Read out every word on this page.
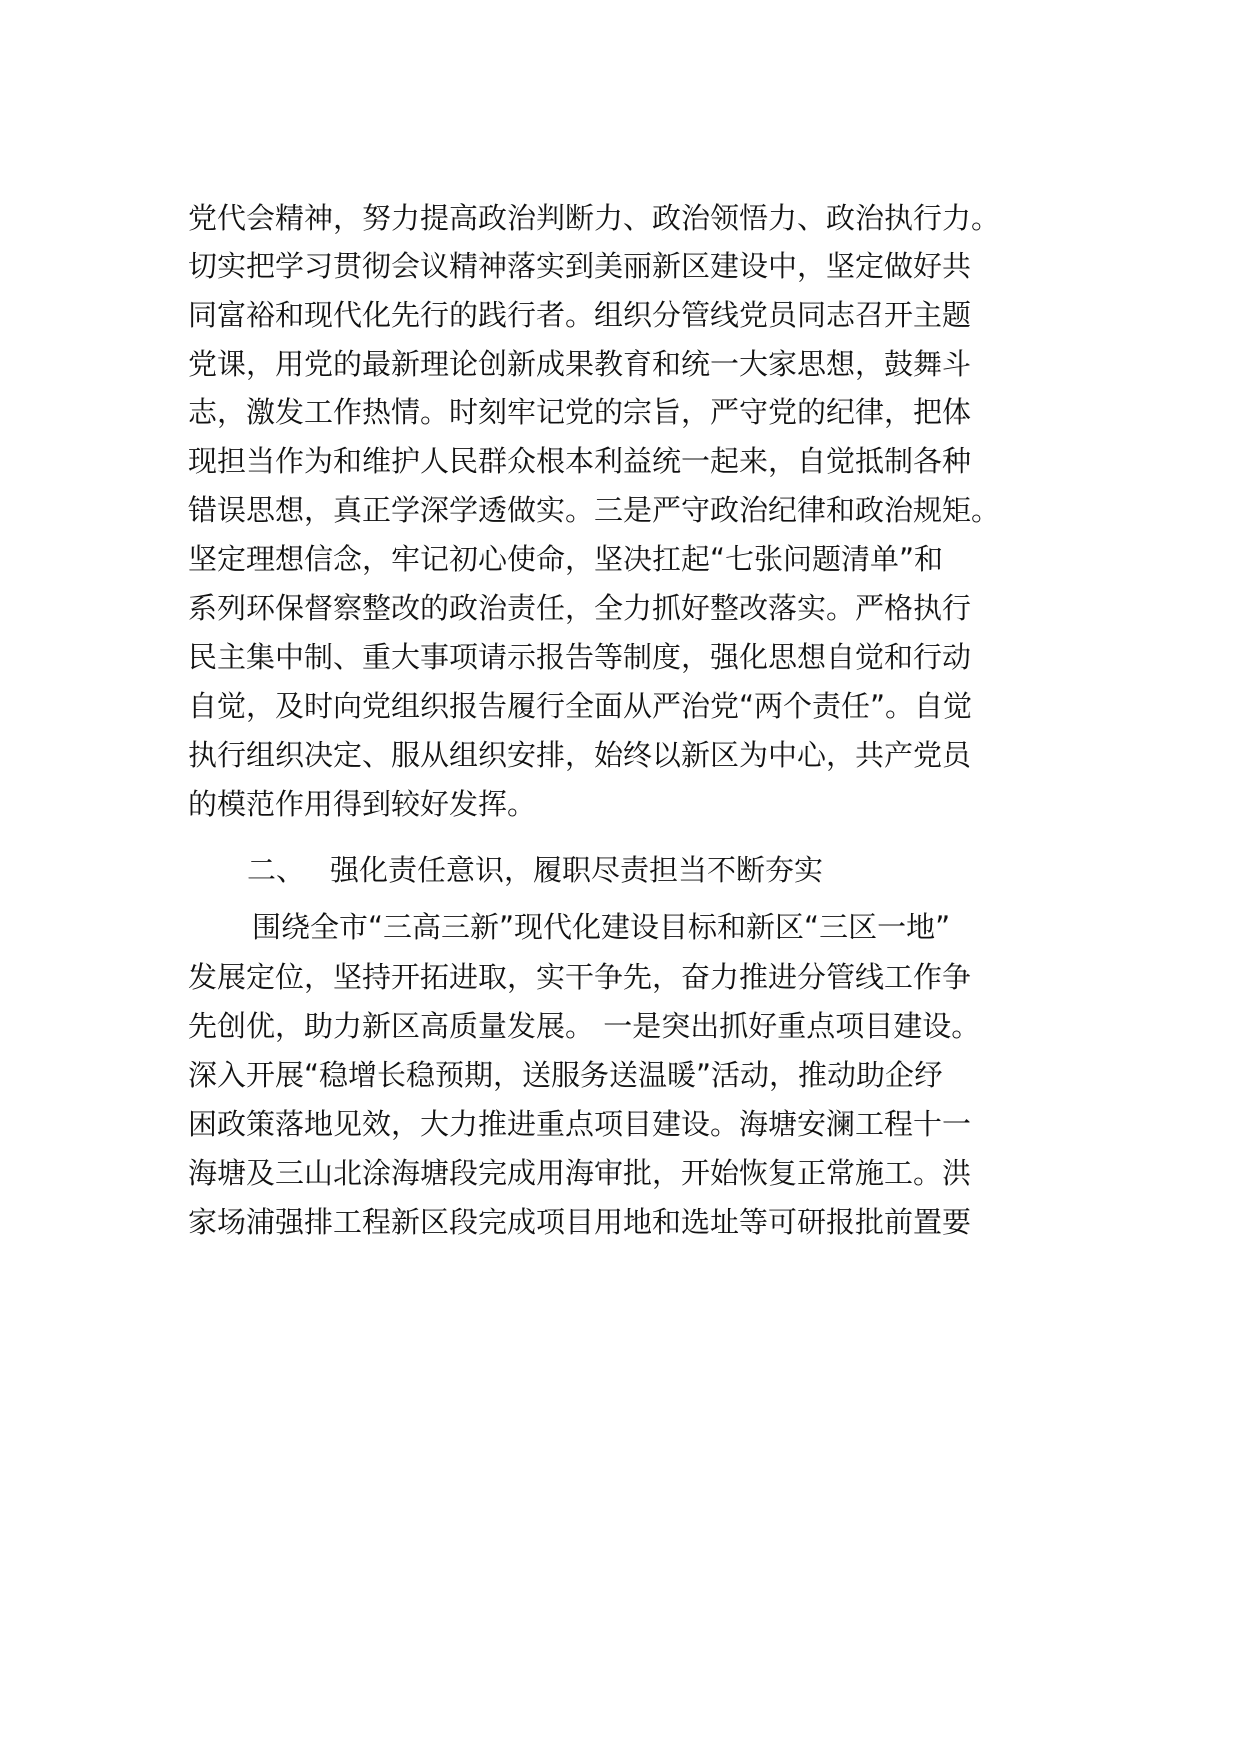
党代会精神，努力提高政治判断力、政治领悟力、政治执行力。
切实把学习贯彻会议精神落实到美丽新区建设中，坚定做好共
同富裕和现代化先行的践行者。组织分管线党员同志召开主题
党课，用党的最新理论创新成果教育和统一大家思想，鼓舞斗
志，激发工作热情。时刻牢记党的宗旨，严守党的纪律，把体
现担当作为和维护人民群众根本利益统一起来，自觉抵制各种
错误思想，真正学深学透做实。三是严守政治纪律和政治规矩。
坚定理想信念，牢记初心使命，坚决扛起“七张问题清单”和
系列环保督察整改的政治责任，全力抓好整改落实。严格执行
民主集中制、重大事项请示报告等制度，强化思想自觉和行动
自觉，及时向党组织报告履行全面从严治党“两个责任”。自觉
执行组织决定、服从组织安排，始终以新区为中心，共产党员
的模范作用得到较好发挥。
二、 强化责任意识，履职尽责担当不断夯实
围绕全市“三高三新”现代化建设目标和新区“三区一地”
发展定位，坚持开拓进取，实干争先，奋力推进分管线工作争
先创优，助力新区高质量发展。 一是突出抓好重点项目建设。
深入开展“稳增长稳预期，送服务送温暖”活动，推动助企纾
困政策落地见效，大力推进重点项目建设。海塘安澜工程十一
海塘及三山北涂海塘段完成用海审批，开始恢复正常施工。洪
家场浦强排工程新区段完成项目用地和选址等可研报批前置要
